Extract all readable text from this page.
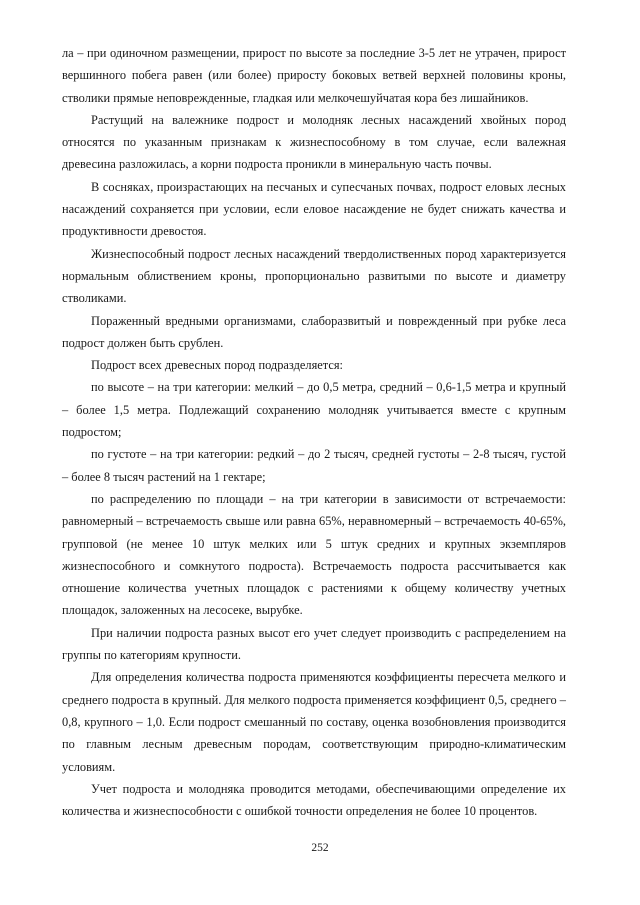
ла – при одиночном размещении, прирост по высоте за последние 3-5 лет не утрачен, прирост вершинного побега равен (или более) приросту боковых ветвей верхней половины кроны, стволики прямые неповрежденные, гладкая или мелкочешуйчатая кора без лишайников.

Растущий на валежнике подрост и молодняк лесных насаждений хвойных пород относятся по указанным признакам к жизнеспособному в том случае, если валежная древесина разложилась, а корни подроста проникли в минеральную часть почвы.

В сосняках, произрастающих на песчаных и супесчаных почвах, подрост еловых лесных насаждений сохраняется при условии, если еловое насаждение не будет снижать качества и продуктивности древостоя.

Жизнеспособный подрост лесных насаждений твердолиственных пород характеризуется нормальным облиствением кроны, пропорционально развитыми по высоте и диаметру стволиками.

Пораженный вредными организмами, слаборазвитый и поврежденный при рубке леса подрост должен быть срублен.

Подрост всех древесных пород подразделяется:

по высоте – на три категории: мелкий – до 0,5 метра, средний – 0,6-1,5 метра и крупный – более 1,5 метра. Подлежащий сохранению молодняк учитывается вместе с крупным подростом;

по густоте – на три категории: редкий – до 2 тысяч, средней густоты – 2-8 тысяч, густой – более 8 тысяч растений на 1 гектаре;

по распределению по площади – на три категории в зависимости от встречаемости: равномерный – встречаемость свыше или равна 65%, неравномерный – встречаемость 40-65%, групповой (не менее 10 штук мелких или 5 штук средних и крупных экземпляров жизнеспособного и сомкнутого подроста). Встречаемость подроста рассчитывается как отношение количества учетных площадок с растениями к общему количеству учетных площадок, заложенных на лесосеке, вырубке.

При наличии подроста разных высот его учет следует производить с распределением на группы по категориям крупности.

Для определения количества подроста применяются коэффициенты пересчета мелкого и среднего подроста в крупный. Для мелкого подроста применяется коэффициент 0,5, среднего – 0,8, крупного – 1,0. Если подрост смешанный по составу, оценка возобновления производится по главным лесным древесным породам, соответствующим природно-климатическим условиям.

Учет подроста и молодняка проводится методами, обеспечивающими определение их количества и жизнеспособности с ошибкой точности определения не более 10 процентов.

252
